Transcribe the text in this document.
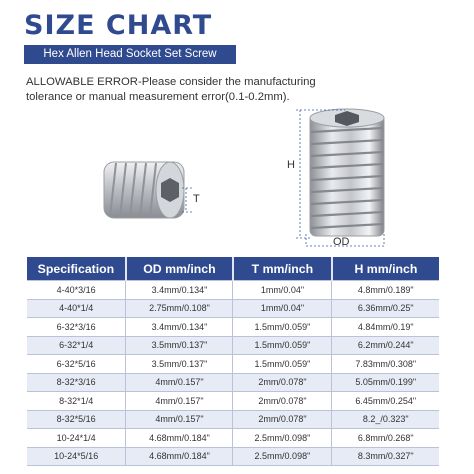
SIZE CHART
Hex Allen Head Socket Set Screw

ALLOWABLE ERROR-Please consider the manufacturing tolerance or manual measurement error(0.1-0.2mm).

H
OD
T
Specification	OD mm/inch	T mm/inch	H mm/inch
4-40*3/16	3.4mm/0.134"	1mm/0.04"	4.8mm/0.189"
4-40*1/4	2.75mm/0.108"	1mm/0.04"	6.36mm/0.25"
6-32*3/16	3.4mm/0.134"	1.5mm/0.059"	4.84mm/0.19"
6-32*1/4	3.5mm/0.137"	1.5mm/0.059"	6.2mm/0.244"
6-32*5/16	3.5mm/0.137"	1.5mm/0.059"	7.83mm/0.308"
8-32*3/16	4mm/0.157"	2mm/0.078"	5.05mm/0.199"
8-32*1/4	4mm/0.157"	2mm/0.078"	6.45mm/0.254"
8-32*5/16	4mm/0.157"	2mm/0.078"	8.2_/0.323"
10-24*1/4	4.68mm/0.184"	2.5mm/0.098"	6.8mm/0.268"
10-24*5/16	4.68mm/0.184"	2.5mm/0.098"	8.3mm/0.327"
